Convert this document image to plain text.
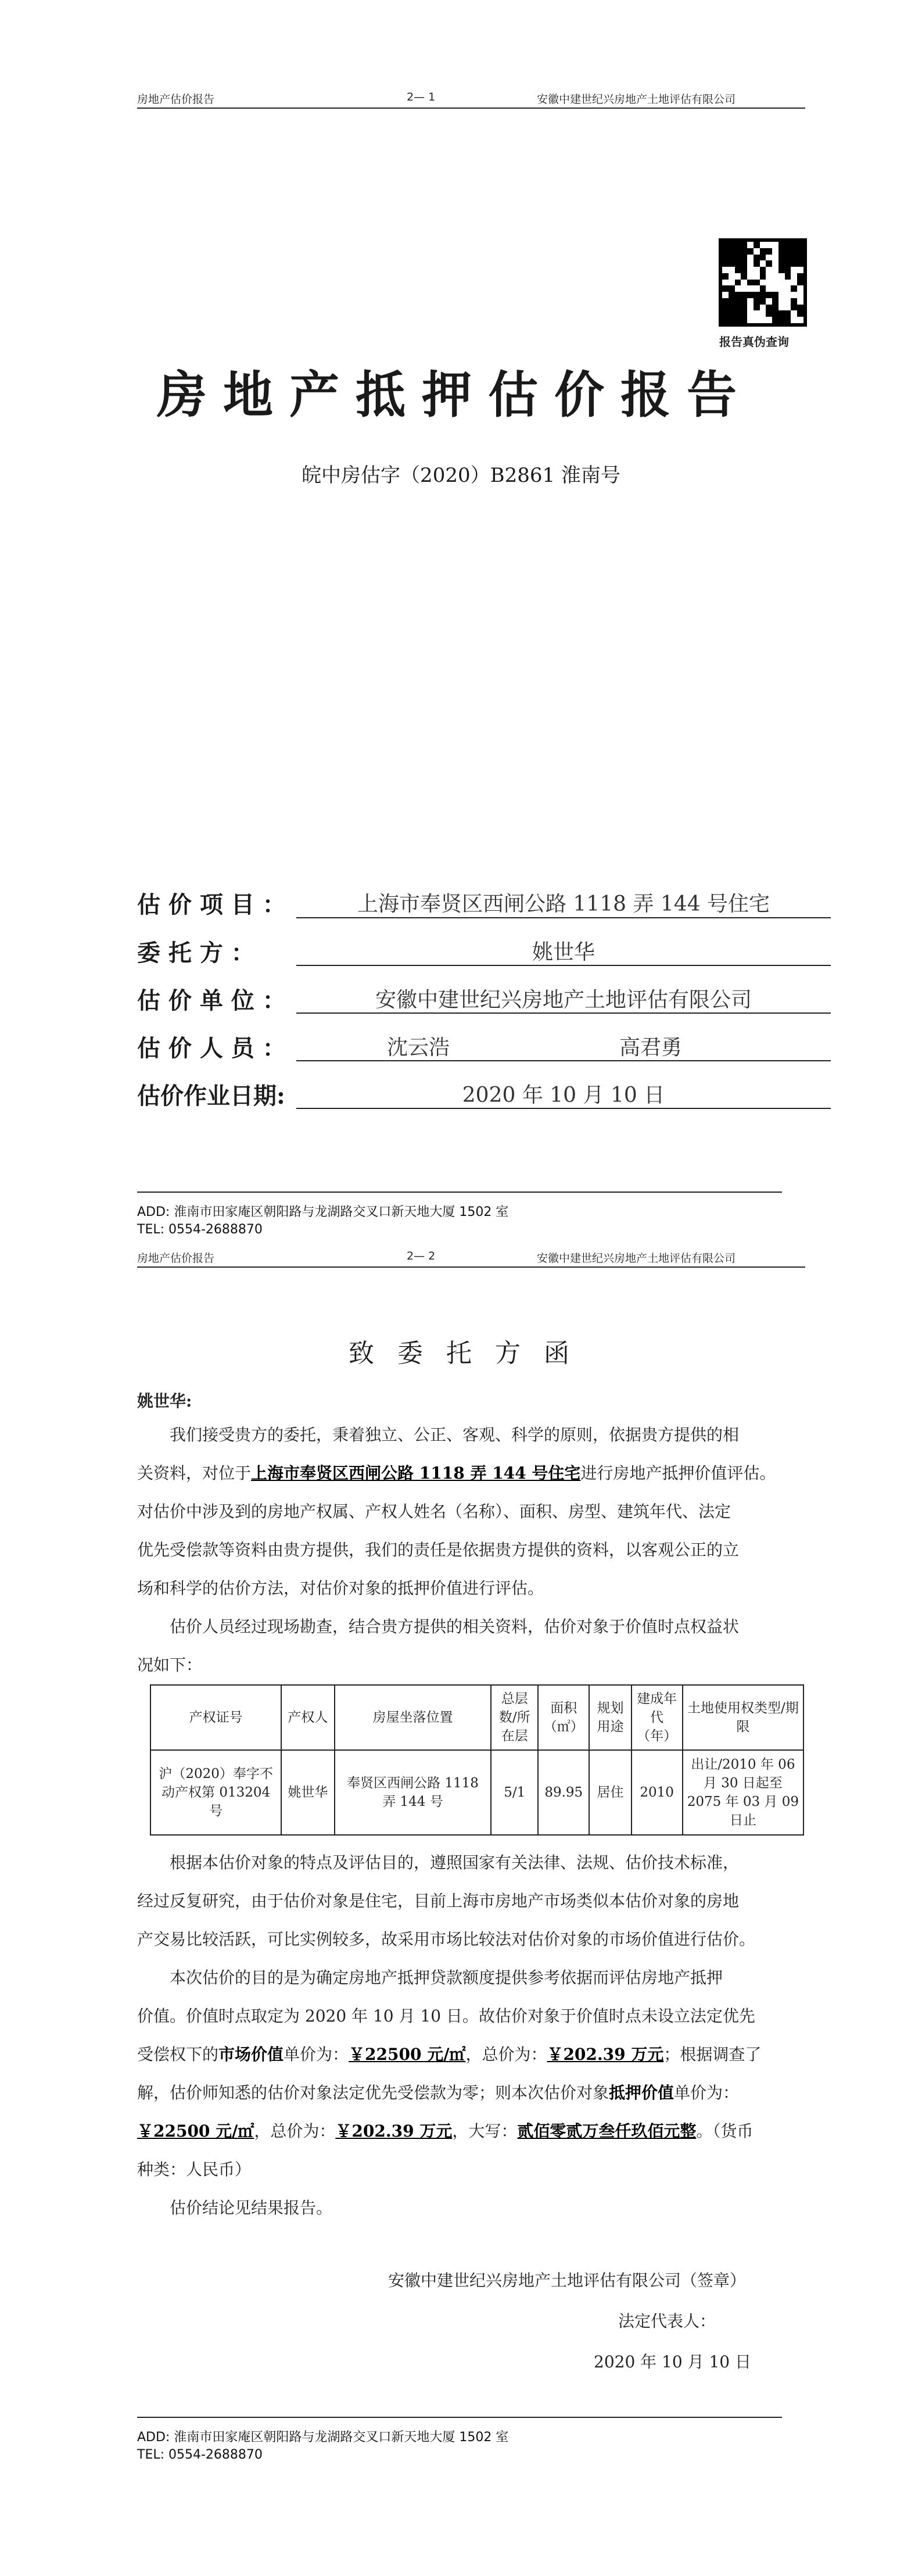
房地产估价报告	2— 1	安徽中建世纪兴房地产土地评估有限公司
报告真伪查询
房地产抵押估价报告
皖中房估字（2020）B2861 淮南号
估 价 项 目 ：	上海市奉贤区西闸公路 1118 弄 144 号住宅
委 托 方 ：	姚世华
估 价 单 位 ：	安徽中建世纪兴房地产土地评估有限公司
估 价 人 员 ：	沈云浩	高君勇
估价作业日期:	2020 年 10 月 10 日
ADD: 淮南市田家庵区朝阳路与龙湖路交叉口新天地大厦 1502 室
TEL: 0554-2688870
房地产估价报告	2— 2	安徽中建世纪兴房地产土地评估有限公司
致委托方函
姚世华:
我们接受贵方的委托，秉着独立、公正、客观、科学的原则，依据贵方提供的相
关资料，对位于上海市奉贤区西闸公路 1118 弄 144 号住宅进行房地产抵押价值评估。
对估价中涉及到的房地产权属、产权人姓名（名称）、面积、房型、建筑年代、法定
优先受偿款等资料由贵方提供，我们的责任是依据贵方提供的资料，以客观公正的立
场和科学的估价方法，对估价对象的抵押价值进行评估。
估价人员经过现场勘查，结合贵方提供的相关资料，估价对象于价值时点权益状
况如下：
产权证号	产权人	房屋坐落位置	总层数/所在层	面积（㎡）	规划用途	建成年代（年）	土地使用权类型/期限
沪（2020）奉字不动产权第 013204 号	姚世华	奉贤区西闸公路 1118 弄 144 号	5/1	89.95	居住	2010	出让/2010 年 06 月 30 日起至 2075 年 03 月 09 日止
根据本估价对象的特点及评估目的，遵照国家有关法律、法规、估价技术标准，
经过反复研究，由于估价对象是住宅，目前上海市房地产市场类似本估价对象的房地
产交易比较活跃，可比实例较多，故采用市场比较法对估价对象的市场价值进行估价。
本次估价的目的是为确定房地产抵押贷款额度提供参考依据而评估房地产抵押
价值。价值时点取定为 2020 年 10 月 10 日。故估价对象于价值时点未设立法定优先
受偿权下的市场价值单价为：￥22500 元/㎡，总价为：￥202.39 万元；根据调查了
解，估价师知悉的估价对象法定优先受偿款为零；则本次估价对象抵押价值单价为：
￥22500 元/㎡，总价为：￥202.39 万元，大写：贰佰零贰万叁仟玖佰元整。（货币
种类：人民币）
估价结论见结果报告。
安徽中建世纪兴房地产土地评估有限公司（签章）
法定代表人：
2020 年 10 月 10 日
ADD: 淮南市田家庵区朝阳路与龙湖路交叉口新天地大厦 1502 室
TEL: 0554-2688870
